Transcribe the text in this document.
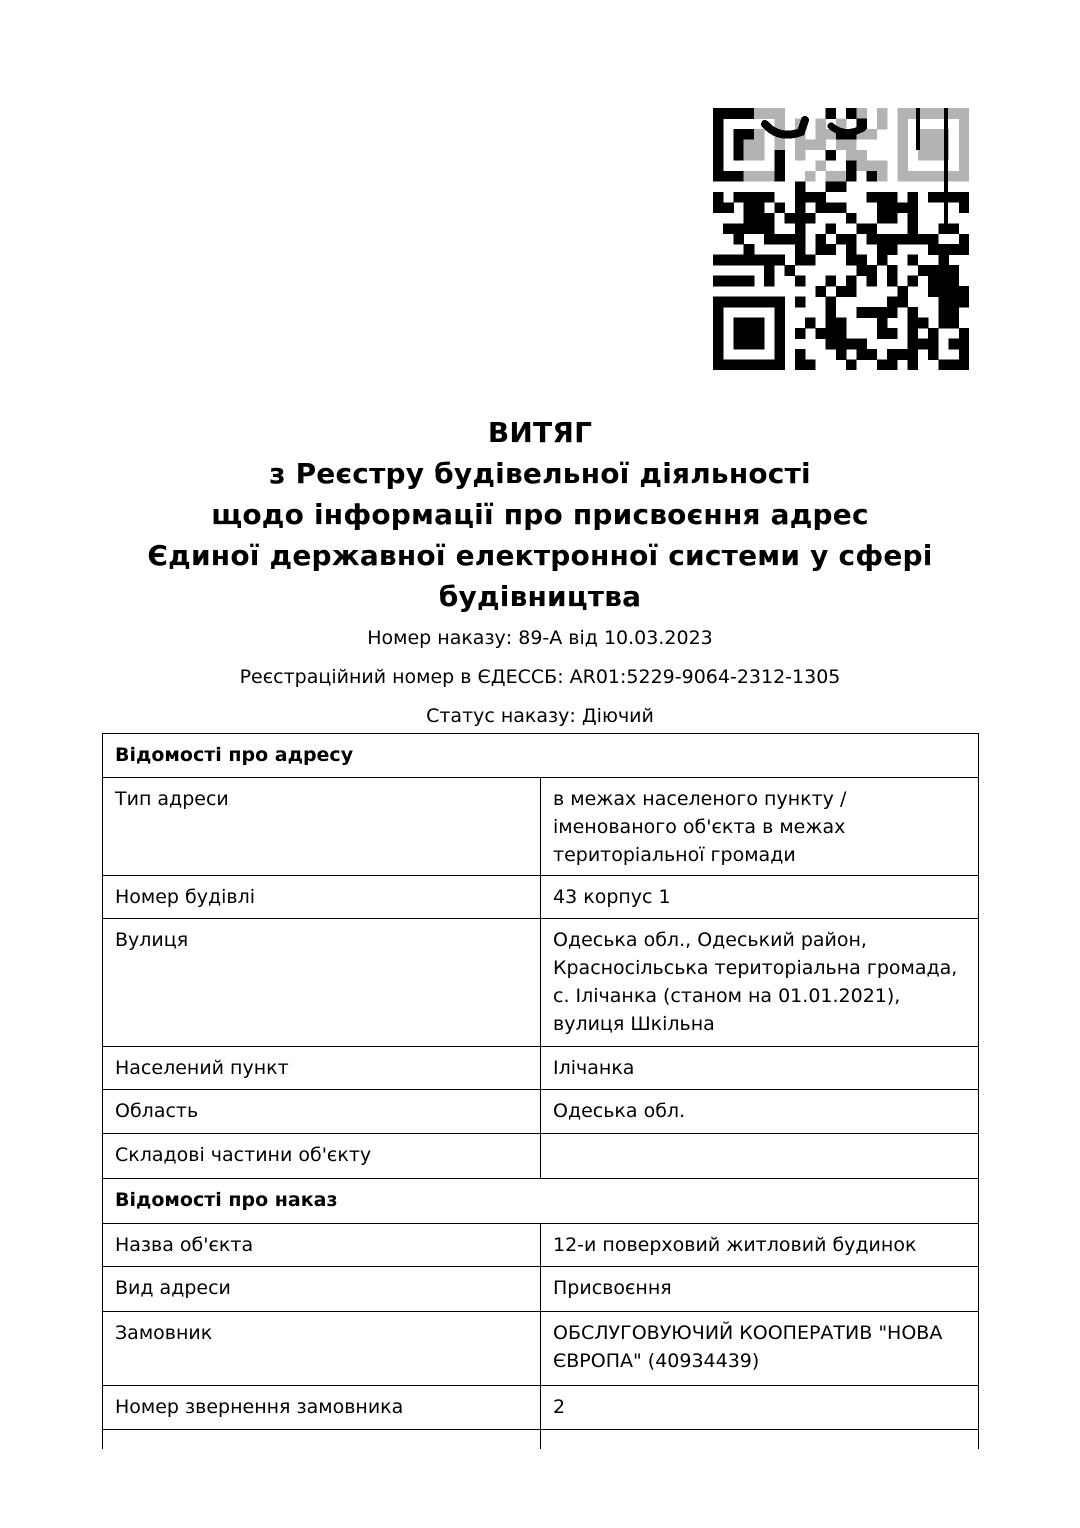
ВИТЯГ
з Реєстру будівельної діяльності
щодо інформації про присвоєння адрес
Єдиної державної електронної системи у сфері
будівництва
Номер наказу: 89-А від 10.03.2023
Реєстраційний номер в ЄДЕССБ: AR01:5229-9064-2312-1305
Статус наказу: Діючий
Відомості про адресу	
Тип адреси	в межах населеного пункту / іменованого об'єкта в межах територіальної громади
Номер будівлі	43 корпус 1
Вулиця	Одеська обл., Одеський район, Красносільська територіальна громада, с. Ілічанка (станом на 01.01.2021), вулиця Шкільна
Населений пункт	Ілічанка
Область	Одеська обл.
Складові частини об'єкту	
Відомості про наказ	
Назва об'єкта	12-и поверховий житловий будинок
Вид адреси	Присвоєння
Замовник	ОБСЛУГОВУЮЧИЙ КООПЕРАТИВ "НОВА ЄВРОПА" (40934439)
Номер звернення замовника	2
